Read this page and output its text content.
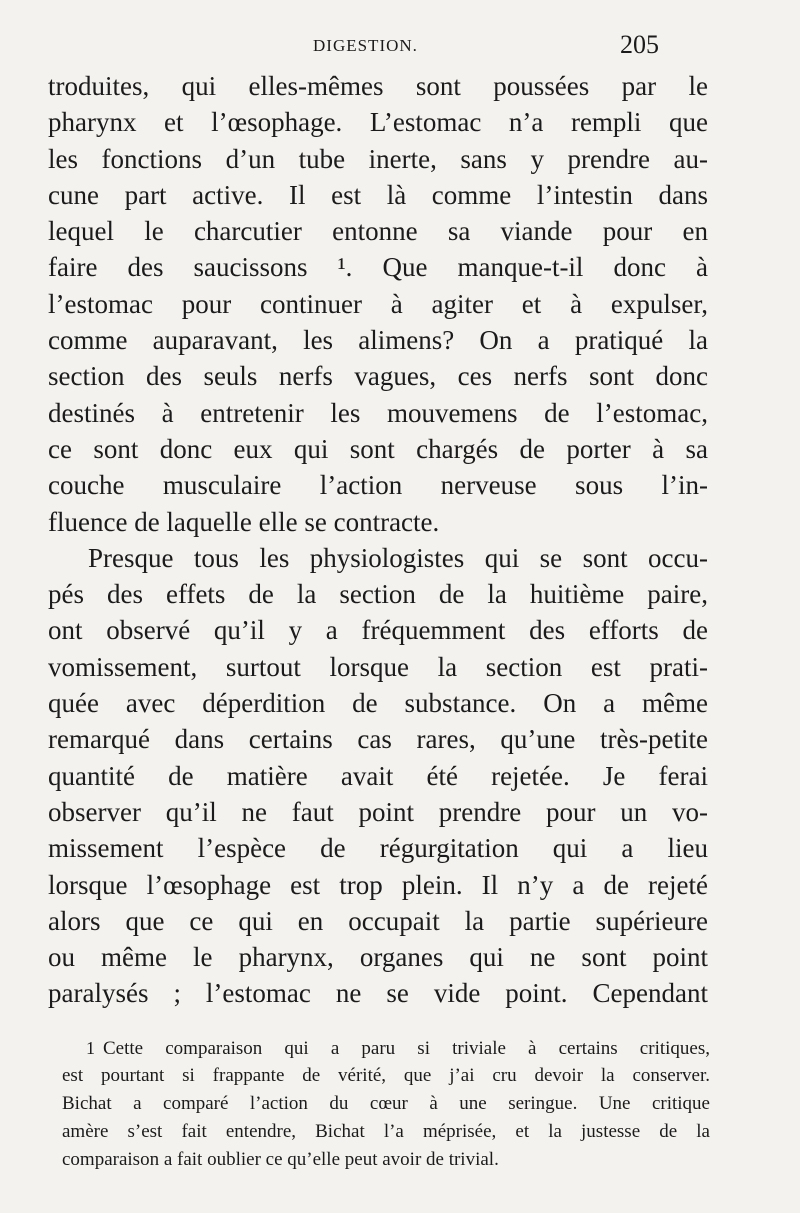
DIGESTION.	205
troduites, qui elles-mêmes sont poussées par le
pharynx et l’œsophage. L’estomac n’a rempli que
les fonctions d’un tube inerte, sans y prendre au-
cune part active. Il est là comme l’intestin dans
lequel le charcutier entonne sa viande pour en
faire des saucissons ¹. Que manque-t-il donc à
l’estomac pour continuer à agiter et à expulser,
comme auparavant, les alimens? On a pratiqué la
section des seuls nerfs vagues, ces nerfs sont donc
destinés à entretenir les mouvemens de l’estomac,
ce sont donc eux qui sont chargés de porter à sa
couche musculaire l’action nerveuse sous l’in-
fluence de laquelle elle se contracte.
Presque tous les physiologistes qui se sont occu-
pés des effets de la section de la huitième paire,
ont observé qu’il y a fréquemment des efforts de
vomissement, surtout lorsque la section est prati-
quée avec déperdition de substance. On a même
remarqué dans certains cas rares, qu’une très-petite
quantité de matière avait été rejetée. Je ferai
observer qu’il ne faut point prendre pour un vo-
missement l’espèce de régurgitation qui a lieu
lorsque l’œsophage est trop plein. Il n’y a de rejeté
alors que ce qui en occupait la partie supérieure
ou même le pharynx, organes qui ne sont point
paralysés ; l’estomac ne se vide point. Cependant
1 Cette comparaison qui a paru si triviale à certains critiques,
est pourtant si frappante de vérité, que j’ai cru devoir la conserver.
Bichat a comparé l’action du cœur à une seringue. Une critique
amère s’est fait entendre, Bichat l’a méprisée, et la justesse de la
comparaison a fait oublier ce qu’elle peut avoir de trivial.
